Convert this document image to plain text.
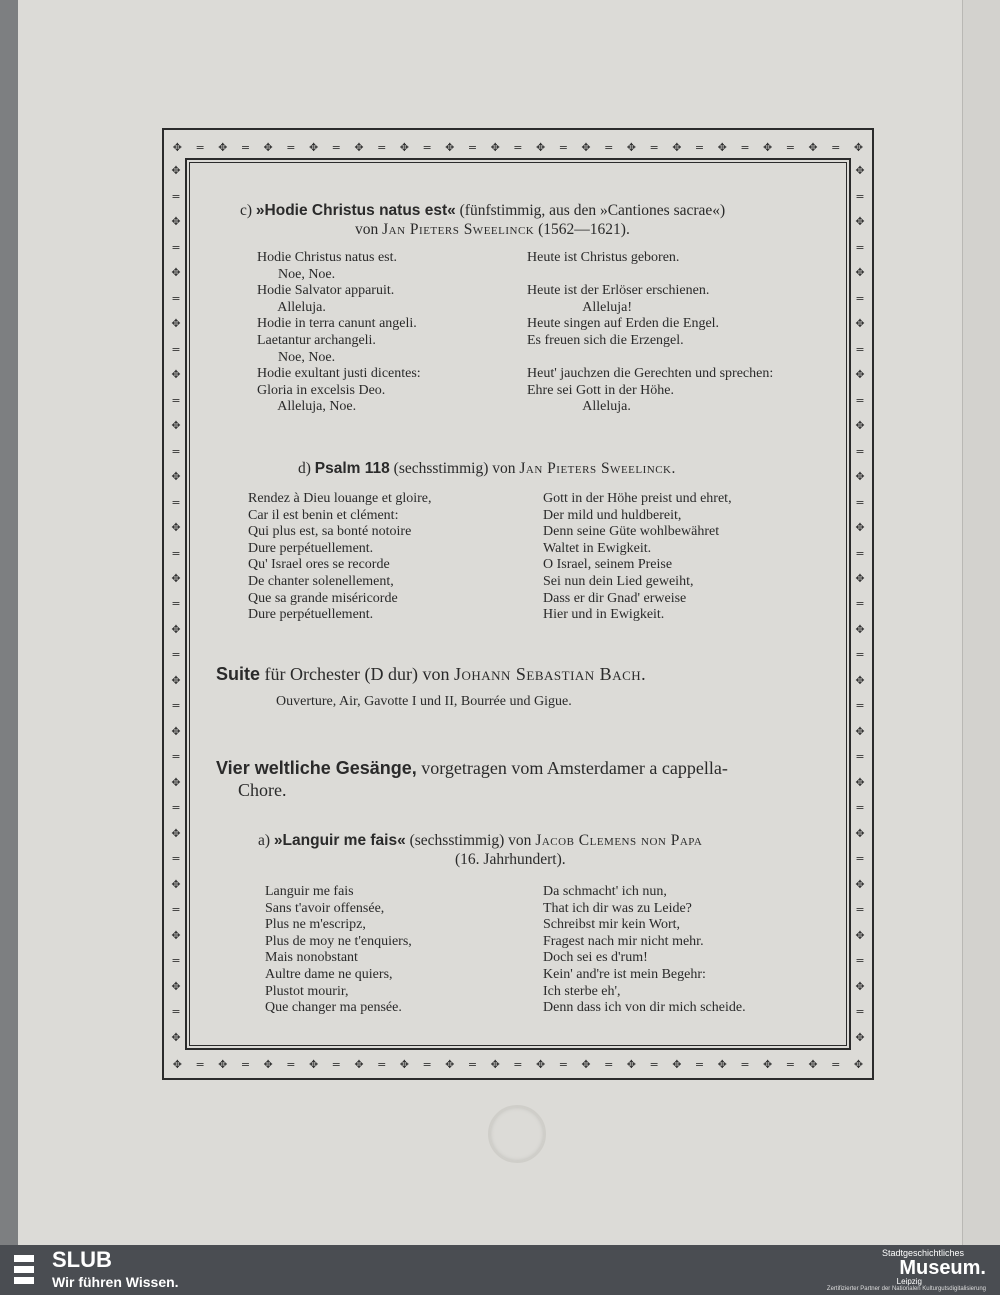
✥ = ✥ = ✥ = ✥ = ✥ = ✥ = ✥ = ✥ = ✥ = ✥ = ✥ = ✥ = ✥ = ✥ = ✥ = ✥
✥ = ✥ = ✥ = ✥ = ✥ = ✥ = ✥ = ✥ = ✥ = ✥ = ✥ = ✥ = ✥ = ✥ = ✥ = ✥
✥
=
✥
=
✥
=
✥
=
✥
=
✥
=
✥
=
✥
=
✥
=
✥
=
✥
=
✥
=
✥
=
✥
=
✥
=
✥
=
✥
=
✥
✥
=
✥
=
✥
=
✥
=
✥
=
✥
=
✥
=
✥
=
✥
=
✥
=
✥
=
✥
=
✥
=
✥
=
✥
=
✥
=
✥
=
✥
c) »Hodie Christus natus est« (fünfstimmig, aus den »Cantiones sacrae«)
von Jan Pieters Sweelinck (1562—1621).
Hodie Christus natus est.
Noe, Noe.
Hodie Salvator apparuit.
Alleluja.
Hodie in terra canunt angeli.
Laetantur archangeli.
Noe, Noe.
Hodie exultant justi dicentes:
Gloria in excelsis Deo.
Alleluja, Noe.
Heute ist Christus geboren.

Heute ist der Erlöser erschienen.
Alleluja!
Heute singen auf Erden die Engel.
Es freuen sich die Erzengel.

Heut' jauchzen die Gerechten und sprechen:
Ehre sei Gott in der Höhe.
Alleluja.
d) Psalm 118 (sechsstimmig) von Jan Pieters Sweelinck.
Rendez à Dieu louange et gloire,
Car il est benin et clément:
Qui plus est, sa bonté notoire
Dure perpétuellement.
Qu' Israel ores se recorde
De chanter solenellement,
Que sa grande miséricorde
Dure perpétuellement.
Gott in der Höhe preist und ehret,
Der mild und huldbereit,
Denn seine Güte wohlbewähret
Waltet in Ewigkeit.
O Israel, seinem Preise
Sei nun dein Lied geweiht,
Dass er dir Gnad' erweise
Hier und in Ewigkeit.
Suite für Orchester (D dur) von Johann Sebastian Bach.
Ouverture, Air, Gavotte I und II, Bourrée und Gigue.
Vier weltliche Gesänge, vorgetragen vom Amsterdamer a cappella-
Chore.
a) »Languir me fais« (sechsstimmig) von Jacob Clemens non Papa
(16. Jahrhundert).
Languir me fais
Sans t'avoir offensée,
Plus ne m'escripz,
Plus de moy ne t'enquiers,
Mais nonobstant
Aultre dame ne quiers,
Plustot mourir,
Que changer ma pensée.
Da schmacht' ich nun,
That ich dir was zu Leide?
Schreibst mir kein Wort,
Fragest nach mir nicht mehr.
Doch sei es d'rum!
Kein' and're ist mein Begehr:
Ich sterbe eh',
Denn dass ich von dir mich scheide.
SLUB
Wir führen Wissen.
Stadtgeschichtliches
Museum.
Leipzig
Zertifizierter Partner der Nationalen Kulturgutsdigitalisierung
